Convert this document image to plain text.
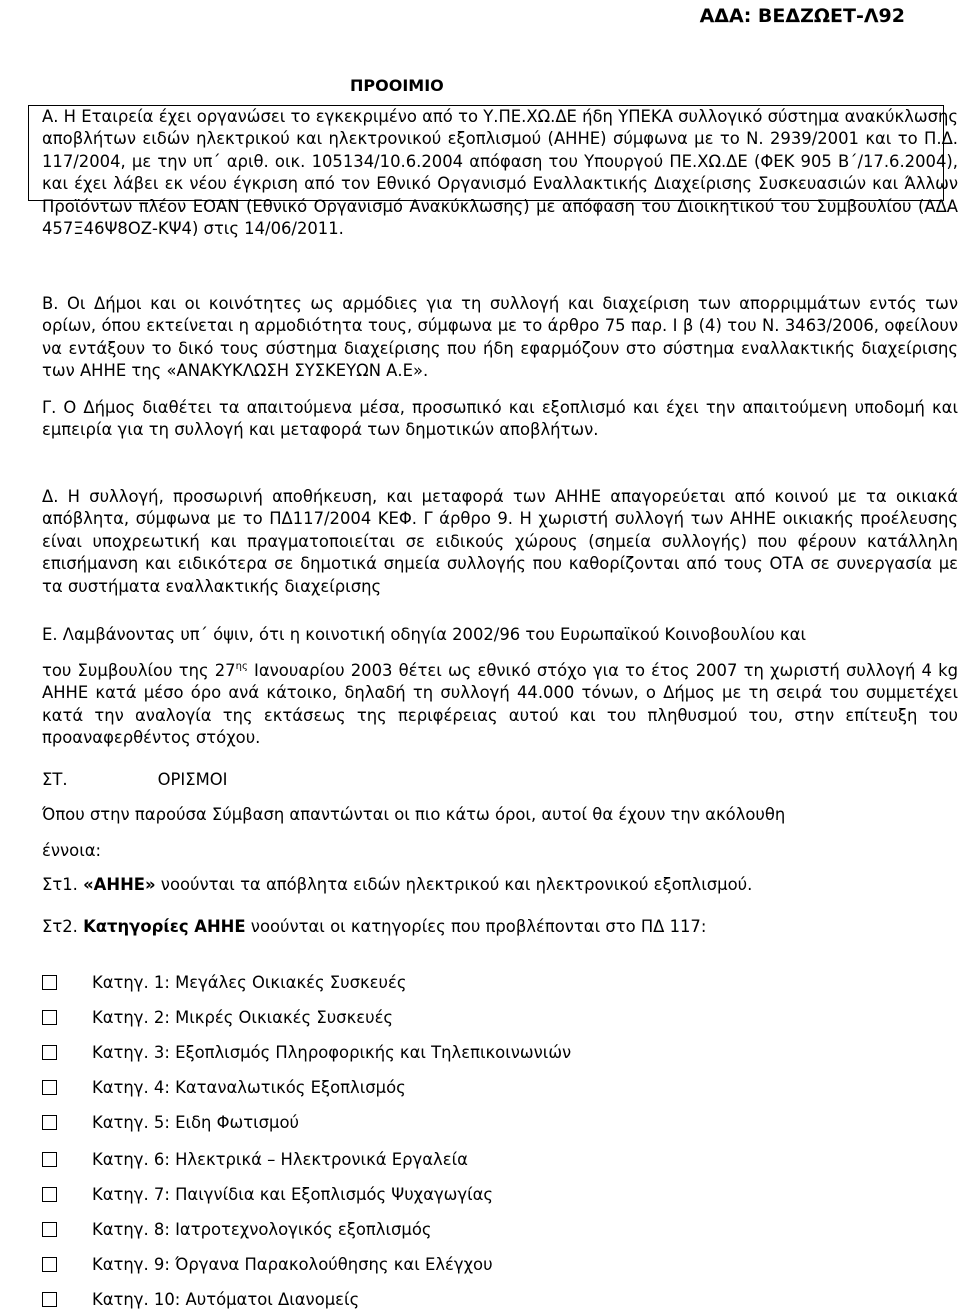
ΑΔΑ: ΒΕΔΖΩΕΤ-Λ92
ΠΡΟΟΙΜΙΟ

Α. Η Εταιρεία έχει οργανώσει το εγκεκριμένο από το Υ.ΠΕ.ΧΩ.ΔΕ ήδη ΥΠΕΚΑ συλλογικό σύστημα ανακύκλωσης αποβλήτων ειδών ηλεκτρικού και ηλεκτρονικού εξοπλισμού (ΑΗΗΕ) σύμφωνα με το Ν. 2939/2001 και το Π.Δ. 117/2004, με την υπ΄ αριθ. οικ. 105134/10.6.2004 απόφαση του Υπουργού ΠΕ.ΧΩ.ΔΕ (ΦΕΚ 905 Β΄/17.6.2004), και έχει λάβει εκ νέου έγκριση από τον Εθνικό Οργανισμό Εναλλακτικής Διαχείρισης Συσκευασιών και Άλλων Προϊόντων πλέον ΕΟΑΝ (Εθνικό Οργανισμό Ανακύκλωσης) με απόφαση του Διοικητικού του Συμβουλίου (ΑΔΑ 457Ξ46Ψ8ΟΖ-ΚΨ4) στις 14/06/2011.

Β. Οι Δήμοι και οι κοινότητες ως αρμόδιες για τη συλλογή και διαχείριση των απορριμμάτων εντός των ορίων, όπου εκτείνεται η αρμοδιότητα τους, σύμφωνα με το άρθρο 75 παρ. Ι β (4) του Ν. 3463/2006, οφείλουν να εντάξουν το δικό τους σύστημα διαχείρισης που ήδη εφαρμόζουν στο σύστημα εναλλακτικής διαχείρισης των ΑΗΗΕ της «ΑΝΑΚΥΚΛΩΣΗ ΣΥΣΚΕΥΩΝ Α.Ε».

Γ. Ο Δήμος διαθέτει τα απαιτούμενα μέσα, προσωπικό και εξοπλισμό και έχει την απαιτούμενη υποδομή και εμπειρία για τη συλλογή και μεταφορά των δημοτικών αποβλήτων.

Δ. Η συλλογή, προσωρινή αποθήκευση, και μεταφορά των ΑΗΗΕ απαγορεύεται από κοινού με τα οικιακά απόβλητα, σύμφωνα με το ΠΔ117/2004 ΚΕΦ. Γ άρθρο 9. Η χωριστή συλλογή των ΑΗΗΕ οικιακής προέλευσης είναι υποχρεωτική και πραγματοποιείται σε ειδικούς χώρους (σημεία συλλογής) που φέρουν κατάλληλη επισήμανση και ειδικότερα σε δημοτικά σημεία συλλογής που καθορίζονται από τους ΟΤΑ σε συνεργασία με τα συστήματα εναλλακτικής διαχείρισης

Ε. Λαμβάνοντας υπ΄ όψιν, ότι η κοινοτική οδηγία 2002/96 του Ευρωπαϊκού Κοινοβουλίου και

του Συμβουλίου της $27^{\eta\varsigma}$ Ιανουαρίου 2003 θέτει ως εθνικό στόχο για το έτος 2007 τη χωριστή συλλογή 4 kg ΑΗΗΕ κατά μέσο όρο ανά κάτοικο, δηλαδή τη συλλογή 44.000 τόνων, ο Δήμος με τη σειρά του συμμετέχει κατά την αναλογία της εκτάσεως της περιφέρειας αυτού και του πληθυσμού του, στην επίτευξη του προαναφερθέντος στόχου.

ΣΤ.	ΟΡΙΣΜΟΙ

Όπου στην παρούσα Σύμβαση απαντώνται οι πιο κάτω όροι, αυτοί θα έχουν την ακόλουθη

έννοια:

Στ1. «ΑΗΗΕ» νοούνται τα απόβλητα ειδών ηλεκτρικού και ηλεκτρονικού εξοπλισμού.

Στ2. Κατηγορίες ΑΗΗΕ νοούνται οι κατηγορίες που προβλέπονται στο ΠΔ 117:

Κατηγ. 1: Μεγάλες Οικιακές Συσκευές
Κατηγ. 2: Μικρές Οικιακές Συσκευές
Κατηγ. 3: Εξοπλισμός Πληροφορικής και Τηλεπικοινωνιών
Κατηγ. 4: Καταναλωτικός Εξοπλισμός
Κατηγ. 5: Ειδη Φωτισμού
Κατηγ. 6: Ηλεκτρικά – Ηλεκτρονικά Εργαλεία
Κατηγ. 7: Παιγνίδια και Εξοπλισμός Ψυχαγωγίας
Κατηγ. 8: Ιατροτεχνολογικός εξοπλισμός
Κατηγ. 9: Όργανα Παρακολούθησης και Ελέγχου
Κατηγ. 10: Αυτόματοι Διανομείς
